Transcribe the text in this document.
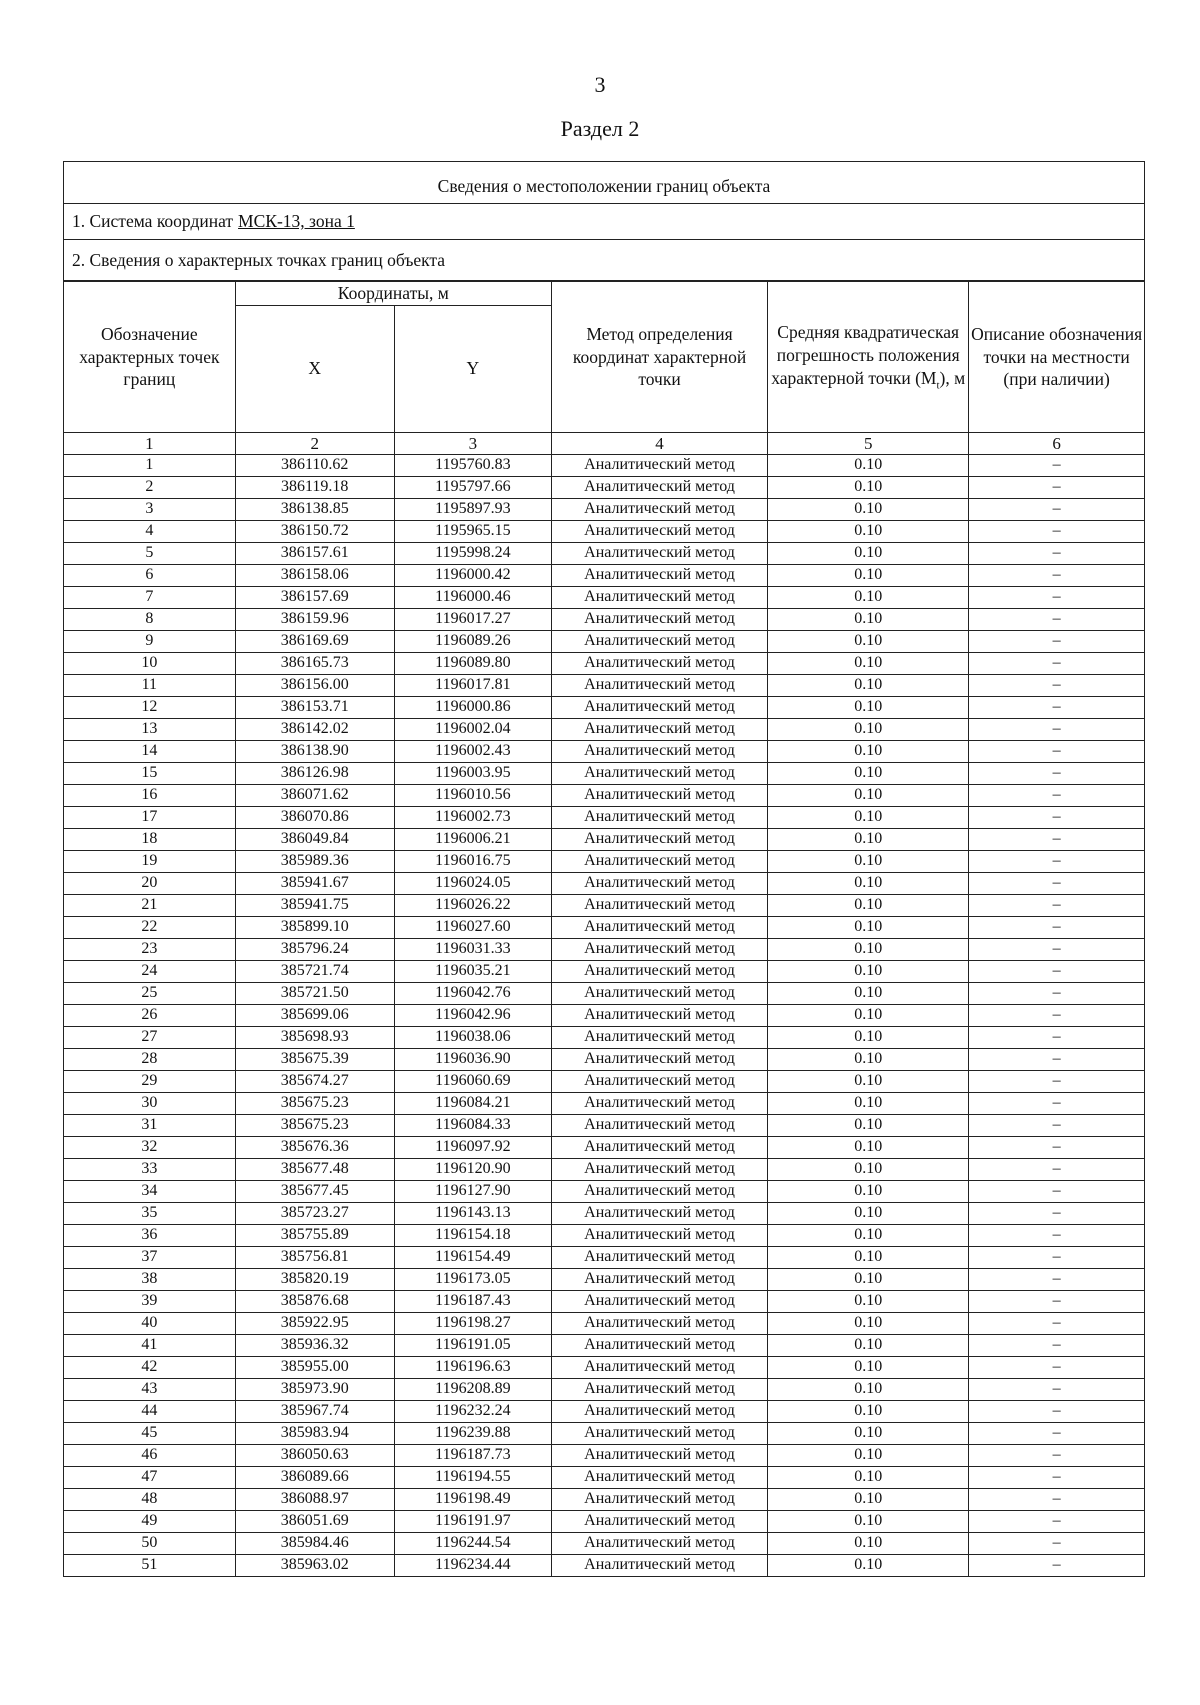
3
Раздел 2
Сведения о местоположении границ объекта
1. Система координат МСК-13, зона 1
2. Сведения о характерных точках границ объекта
Обозначение характерных точек границ	Координаты, м		Метод определения координат характерной точки	Средняя квадратическая погрешность положения характерной точки $(M_t)$, м	Описание обозначения точки на местности (при наличии)
	X	Y			
1	2	3	4	5	6
1	386110.62	1195760.83	Аналитический метод	0.10	–
2	386119.18	1195797.66	Аналитический метод	0.10	–
3	386138.85	1195897.93	Аналитический метод	0.10	–
4	386150.72	1195965.15	Аналитический метод	0.10	–
5	386157.61	1195998.24	Аналитический метод	0.10	–
6	386158.06	1196000.42	Аналитический метод	0.10	–
7	386157.69	1196000.46	Аналитический метод	0.10	–
8	386159.96	1196017.27	Аналитический метод	0.10	–
9	386169.69	1196089.26	Аналитический метод	0.10	–
10	386165.73	1196089.80	Аналитический метод	0.10	–
11	386156.00	1196017.81	Аналитический метод	0.10	–
12	386153.71	1196000.86	Аналитический метод	0.10	–
13	386142.02	1196002.04	Аналитический метод	0.10	–
14	386138.90	1196002.43	Аналитический метод	0.10	–
15	386126.98	1196003.95	Аналитический метод	0.10	–
16	386071.62	1196010.56	Аналитический метод	0.10	–
17	386070.86	1196002.73	Аналитический метод	0.10	–
18	386049.84	1196006.21	Аналитический метод	0.10	–
19	385989.36	1196016.75	Аналитический метод	0.10	–
20	385941.67	1196024.05	Аналитический метод	0.10	–
21	385941.75	1196026.22	Аналитический метод	0.10	–
22	385899.10	1196027.60	Аналитический метод	0.10	–
23	385796.24	1196031.33	Аналитический метод	0.10	–
24	385721.74	1196035.21	Аналитический метод	0.10	–
25	385721.50	1196042.76	Аналитический метод	0.10	–
26	385699.06	1196042.96	Аналитический метод	0.10	–
27	385698.93	1196038.06	Аналитический метод	0.10	–
28	385675.39	1196036.90	Аналитический метод	0.10	–
29	385674.27	1196060.69	Аналитический метод	0.10	–
30	385675.23	1196084.21	Аналитический метод	0.10	–
31	385675.23	1196084.33	Аналитический метод	0.10	–
32	385676.36	1196097.92	Аналитический метод	0.10	–
33	385677.48	1196120.90	Аналитический метод	0.10	–
34	385677.45	1196127.90	Аналитический метод	0.10	–
35	385723.27	1196143.13	Аналитический метод	0.10	–
36	385755.89	1196154.18	Аналитический метод	0.10	–
37	385756.81	1196154.49	Аналитический метод	0.10	–
38	385820.19	1196173.05	Аналитический метод	0.10	–
39	385876.68	1196187.43	Аналитический метод	0.10	–
40	385922.95	1196198.27	Аналитический метод	0.10	–
41	385936.32	1196191.05	Аналитический метод	0.10	–
42	385955.00	1196196.63	Аналитический метод	0.10	–
43	385973.90	1196208.89	Аналитический метод	0.10	–
44	385967.74	1196232.24	Аналитический метод	0.10	–
45	385983.94	1196239.88	Аналитический метод	0.10	–
46	386050.63	1196187.73	Аналитический метод	0.10	–
47	386089.66	1196194.55	Аналитический метод	0.10	–
48	386088.97	1196198.49	Аналитический метод	0.10	–
49	386051.69	1196191.97	Аналитический метод	0.10	–
50	385984.46	1196244.54	Аналитический метод	0.10	–
51	385963.02	1196234.44	Аналитический метод	0.10	–
